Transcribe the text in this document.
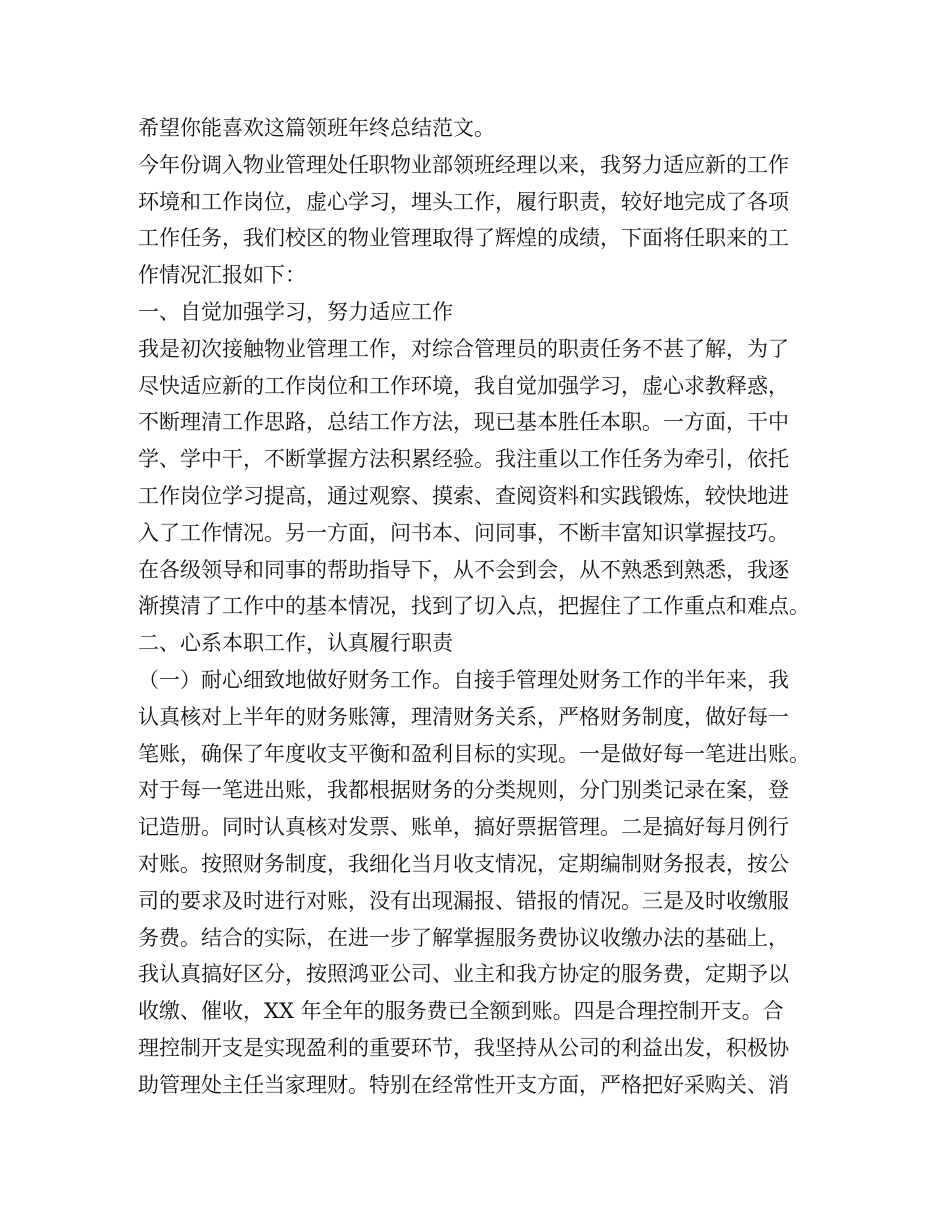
希望你能喜欢这篇领班年终总结范文。
今年份调入物业管理处任职物业部领班经理以来，我努力适应新的工作
环境和工作岗位，虚心学习，埋头工作，履行职责，较好地完成了各项
工作任务，我们校区的物业管理取得了辉煌的成绩，下面将任职来的工
作情况汇报如下：
一、自觉加强学习，努力适应工作
我是初次接触物业管理工作，对综合管理员的职责任务不甚了解，为了
尽快适应新的工作岗位和工作环境，我自觉加强学习，虚心求教释惑，
不断理清工作思路，总结工作方法，现已基本胜任本职。一方面，干中
学、学中干，不断掌握方法积累经验。我注重以工作任务为牵引，依托
工作岗位学习提高，通过观察、摸索、查阅资料和实践锻炼，较快地进
入了工作情况。另一方面，问书本、问同事，不断丰富知识掌握技巧。
在各级领导和同事的帮助指导下，从不会到会，从不熟悉到熟悉，我逐
渐摸清了工作中的基本情况，找到了切入点，把握住了工作重点和难点。
二、心系本职工作，认真履行职责
（一）耐心细致地做好财务工作。自接手管理处财务工作的半年来，我
认真核对上半年的财务账簿，理清财务关系，严格财务制度，做好每一
笔账，确保了年度收支平衡和盈利目标的实现。一是做好每一笔进出账。
对于每一笔进出账，我都根据财务的分类规则，分门别类记录在案，登
记造册。同时认真核对发票、账单，搞好票据管理。二是搞好每月例行
对账。按照财务制度，我细化当月收支情况，定期编制财务报表，按公
司的要求及时进行对账，没有出现漏报、错报的情况。三是及时收缴服
务费。结合的实际，在进一步了解掌握服务费协议收缴办法的基础上，
我认真搞好区分，按照鸿亚公司、业主和我方协定的服务费，定期予以
收缴、催收，XX 年全年的服务费已全额到账。四是合理控制开支。合
理控制开支是实现盈利的重要环节，我坚持从公司的利益出发，积极协
助管理处主任当家理财。特别在经常性开支方面，严格把好采购关、消
